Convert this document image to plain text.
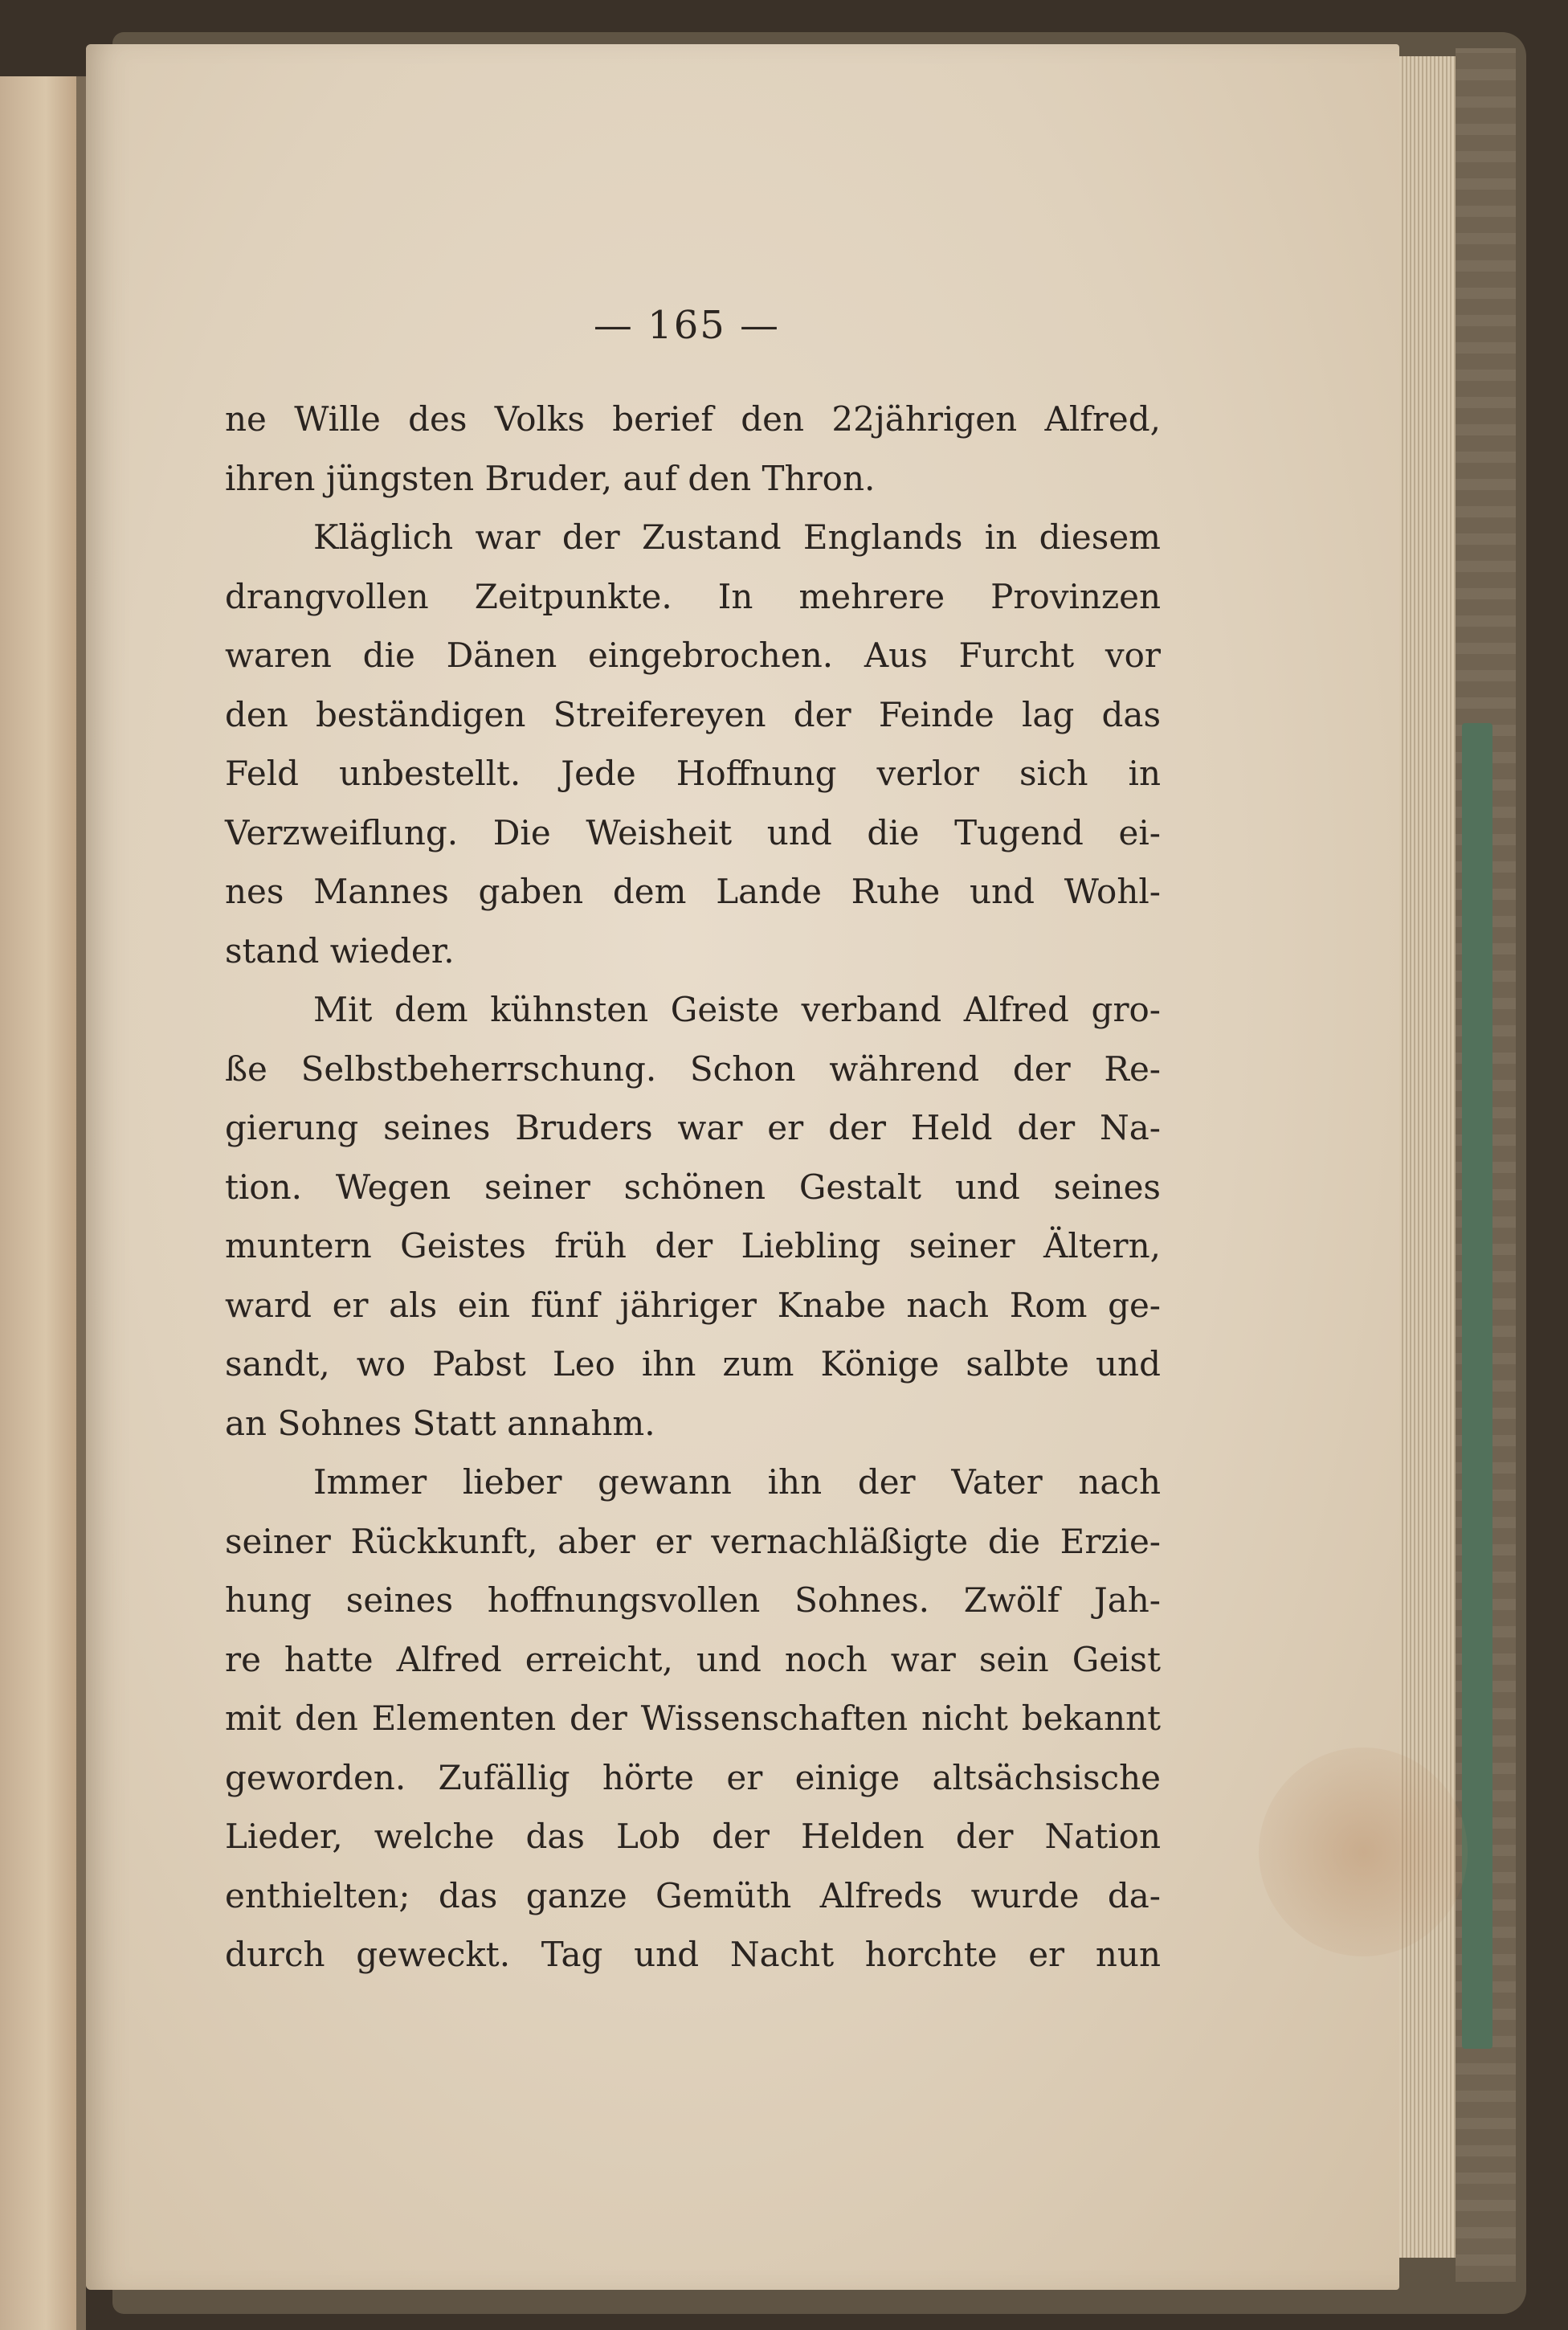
— 165 —
ne Wille des Volks berief den 22jährigen Alfred,
ihren jüngsten Bruder, auf den Thron.
Kläglich war der Zustand Englands in diesem
drangvollen Zeitpunkte. In mehrere Provinzen
waren die Dänen eingebrochen. Aus Furcht vor
den beständigen Streifereyen der Feinde lag das
Feld unbestellt. Jede Hoffnung verlor sich in
Verzweiflung. Die Weisheit und die Tugend ei-
nes Mannes gaben dem Lande Ruhe und Wohl-
stand wieder.
Mit dem kühnsten Geiste verband Alfred gro-
ße Selbstbeherrschung. Schon während der Re-
gierung seines Bruders war er der Held der Na-
tion. Wegen seiner schönen Gestalt und seines
muntern Geistes früh der Liebling seiner Ältern,
ward er als ein fünf jähriger Knabe nach Rom ge-
sandt, wo Pabst Leo ihn zum Könige salbte und
an Sohnes Statt annahm.
Immer lieber gewann ihn der Vater nach
seiner Rückkunft, aber er vernachläßigte die Erzie-
hung seines hoffnungsvollen Sohnes. Zwölf Jah-
re hatte Alfred erreicht, und noch war sein Geist
mit den Elementen der Wissenschaften nicht bekannt
geworden. Zufällig hörte er einige altsächsische
Lieder, welche das Lob der Helden der Nation
enthielten; das ganze Gemüth Alfreds wurde da-
durch geweckt. Tag und Nacht horchte er nun
